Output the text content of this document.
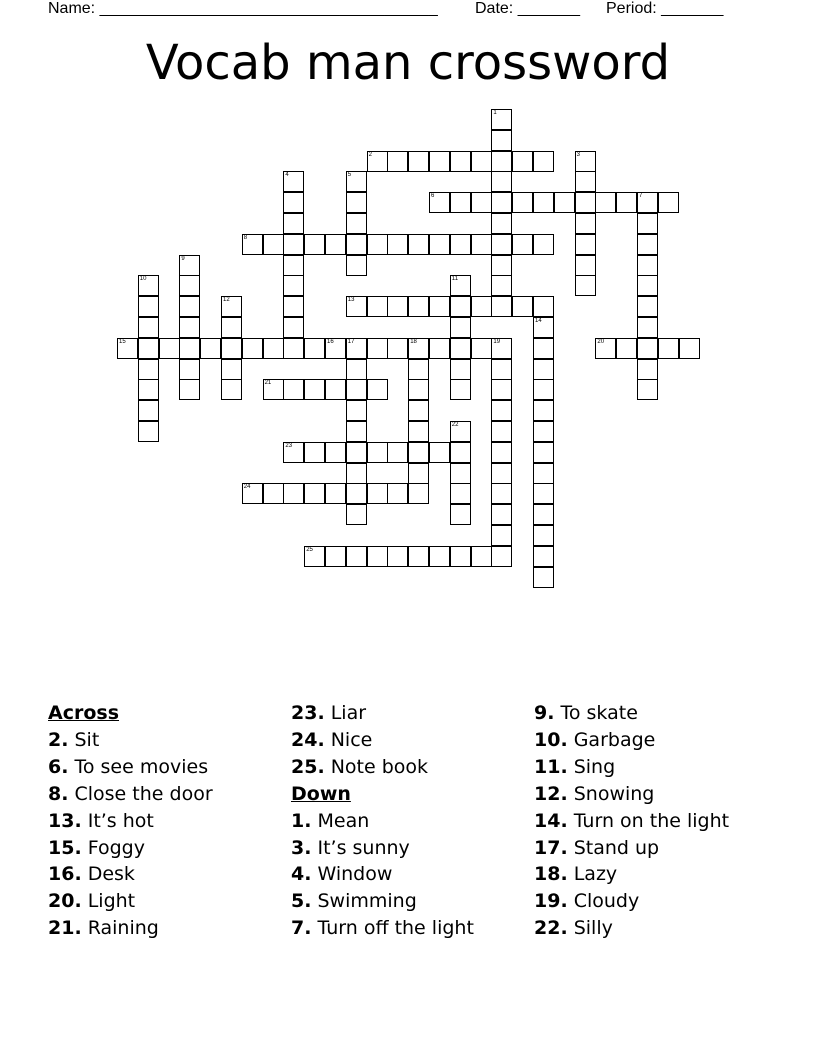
Name: ______________________________________ Date: _______ Period: _______
Vocab man crossword
2
6	7
8
13
15	16 17	18	19	20
21
23
24
25
1
3
4	5
9
10	11
12
14
22
Across
2. Sit
6. To see movies
8. Close the door
13. It’s hot
15. Foggy
16. Desk
20. Light
21. Raining
23. Liar
24. Nice
25. Note book
Down
1. Mean
3. It’s sunny
4. Window
5. Swimming
7. Turn off the light
9. To skate
10. Garbage
11. Sing
12. Snowing
14. Turn on the light
17. Stand up
18. Lazy
19. Cloudy
22. Silly
